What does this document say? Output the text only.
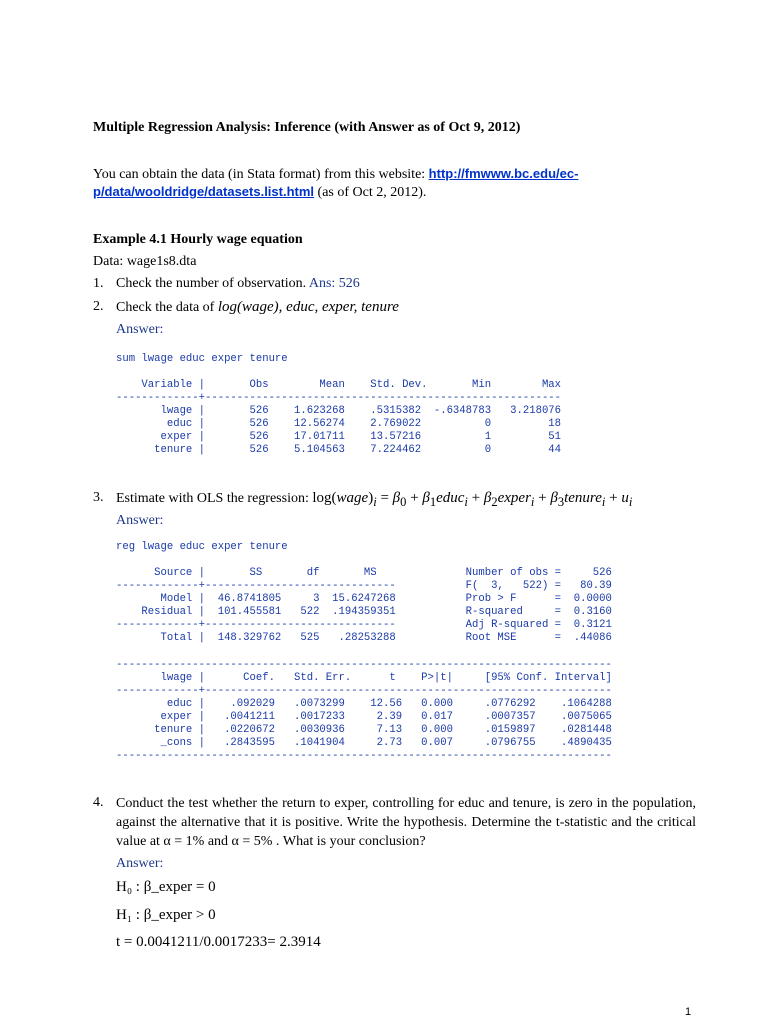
Multiple Regression Analysis: Inference (with Answer as of Oct 9, 2012)
You can obtain the data (in Stata format) from this website: http://fmwww.bc.edu/ec-
p/data/wooldridge/datasets.list.html (as of Oct 2, 2012).
Example 4.1 Hourly wage equation
Data: wage1s8.dta
1. Check the number of observation. Ans: 526
2. Check the data of log(wage), educ, exper, tenure
Answer:
sum lwage educ exper tenure
Variable |       Obs        Mean    Std. Dev.       Min        Max
-------------+--------------------------------------------------------
lwage |       526    1.623268    .5315382  -.6348783   3.218076
educ |       526    12.56274    2.769022          0         18
exper |       526    17.01711    13.57216          1         51
tenure |       526    5.104563    7.224462          0         44
3. Estimate with OLS the regression: $\log(wage)_i = \beta_0$ + $\beta_1educ_i$ + $\beta_2exper_i$ + $\beta_3tenure_i + u_i$
Answer:
reg lwage educ exper tenure
Source |       SS       df       MS              Number of obs =     526
-------------+------------------------------           F(  3,   522) =   80.39
Model |  46.8741805     3  15.6247268           Prob > F      =  0.0000
Residual |  101.455581   522  .194359351           R-squared     =  0.3160
-------------+------------------------------           Adj R-squared =  0.3121
Total |  148.329762   525   .28253288           Root MSE      =  .44086
------------------------------------------------------------------------------
lwage |      Coef.   Std. Err.      t    P>|t|     [95% Conf. Interval]
-------------+----------------------------------------------------------------
educ |    .092029   .0073299    12.56   0.000     .0776292    .1064288
exper |   .0041211   .0017233     2.39   0.017     .0007357    .0075065
tenure |   .0220672   .0030936     7.13   0.000     .0159897    .0281448
_cons |   .2843595   .1041904     2.73   0.007     .0796755    .4890435
------------------------------------------------------------------------------
4. Conduct the test whether the return to exper, controlling for educ and tenure, is zero in the population, against the alternative that it is positive. Write the hypothesis. Determine the t-statistic and the critical value at α = 1% and α = 5% . What is your conclusion?
Answer:
H₀ : β_exper = 0
H₁ : β_exper > 0
t = 0.0041211/0.0017233= 2.3914
1
